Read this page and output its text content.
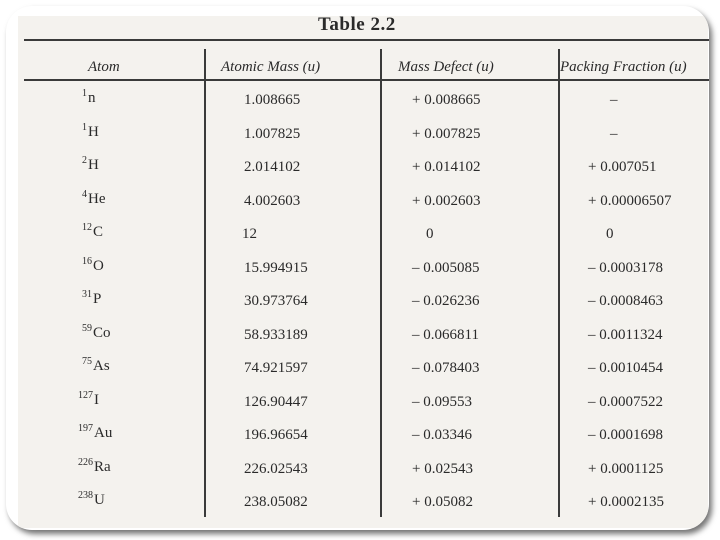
Table 2.2
Atom	Atomic Mass (u)	Mass Defect (u)	Packing Fraction (u)
$^1$n	1.008665	+ 0.008665	–
$^1$H	1.007825	+ 0.007825	–
$^2$H	2.014102	+ 0.014102	+ 0.007051
$^4$He	4.002603	+ 0.002603	+ 0.00006507
$^{12}$C	12	0	0
$^{16}$O	15.994915	– 0.005085	– 0.0003178
$^{31}$P	30.973764	– 0.026236	– 0.0008463
$^{59}$Co	58.933189	– 0.066811	– 0.0011324
$^{75}$As	74.921597	– 0.078403	– 0.0010454
$^{127}$I	126.90447	– 0.09553	– 0.0007522
$^{197}$Au	196.96654	– 0.03346	– 0.0001698
$^{226}$Ra	226.02543	+ 0.02543	+ 0.0001125
$^{238}$U	238.05082	+ 0.05082	+ 0.0002135
